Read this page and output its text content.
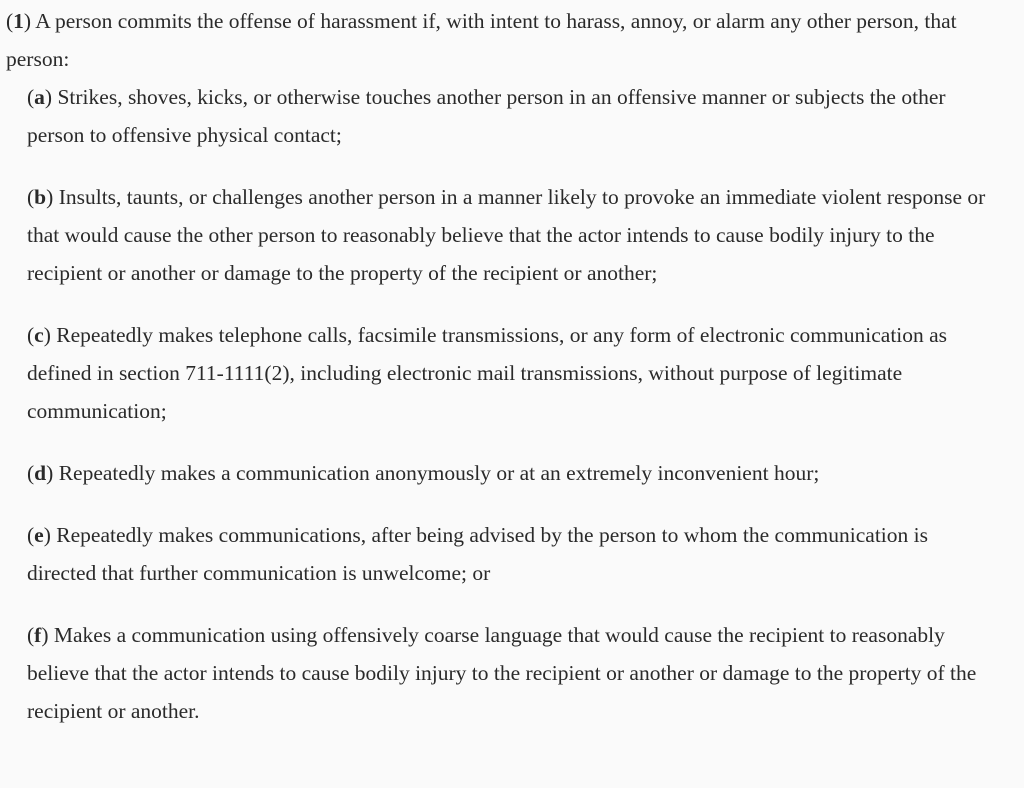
(1) A person commits the offense of harassment if, with intent to harass, annoy, or alarm any other person, that person:

(a) Strikes, shoves, kicks, or otherwise touches another person in an offensive manner or subjects the other person to offensive physical contact;

(b) Insults, taunts, or challenges another person in a manner likely to provoke an immediate violent response or that would cause the other person to reasonably believe that the actor intends to cause bodily injury to the recipient or another or damage to the property of the recipient or another;

(c) Repeatedly makes telephone calls, facsimile transmissions, or any form of electronic communication as defined in section 711-1111(2), including electronic mail transmissions, without purpose of legitimate communication;

(d) Repeatedly makes a communication anonymously or at an extremely inconvenient hour;

(e) Repeatedly makes communications, after being advised by the person to whom the communication is directed that further communication is unwelcome; or

(f) Makes a communication using offensively coarse language that would cause the recipient to reasonably believe that the actor intends to cause bodily injury to the recipient or another or damage to the property of the recipient or another.
